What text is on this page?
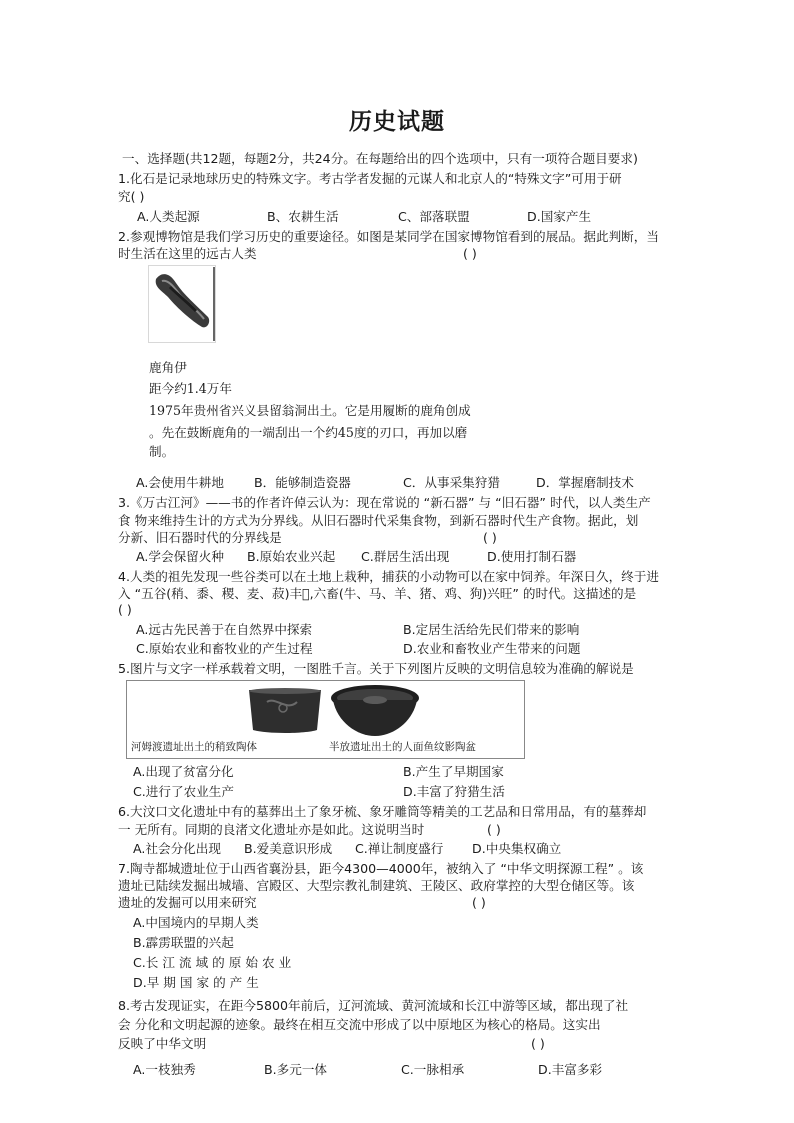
历史试题
一、选择题(共12题，每题2分，共24分。在每题给出的四个选项中，只有一项符合题目要求)
1.化石是记录地球历史的特殊文字。考古学者发掘的元谋人和北京人的“特殊文字”可用于研
究( )
A.人类起源	B、农耕生活	C、部落联盟	D.国家产生
2.参观博物馆是我们学习历史的重要途径。如图是某同学在国家博物馆看到的展品。据此判断，当
时生活在这里的远古人类	( )
鹿角伊
距今约1.4万年
1975年贵州省兴义县留翁洞出土。它是用履断的鹿角创成
。先在鼓断鹿角的一端刮出一个约45度的刃口，再加以磨
制。
A.会使用牛耕地 B．能够制造瓷器	C．从事采集狩猎	D．掌握磨制技术
3.《万古江河》——书的作者许倬云认为：现在常说的 “新石器” 与 “旧石器” 时代，以人类生产
食 物来维持生计的方式为分界线。从旧石器时代采集食物，到新石器时代生产食物。据此，划
分新、旧石器时代的分界线是	( )
A.学会保留火种 B.原始农业兴起 C.群居生活出现	D.使用打制石器
4.人类的祖先发现一些谷类可以在土地上栽种，捕获的小动物可以在家中饲养。年深日久，终于进
入 “五谷(稍、黍、稷、麦、菽)丰𥣃,六畜(牛、马、羊、猪、鸡、狗)兴旺” 的时代。这描述的是
( )
A.远古先民善于在自然界中探索	B.定居生活给先民们带来的影响
C.原始农业和畜牧业的产生过程	D.农业和畜牧业产生带来的问题
5.图片与文字一样承载着文明，一图胜千言。关于下列图片反映的文明信息较为准确的解说是
河姆渡遗址出土的稍致陶体	半放遗址出土的人面鱼纹影陶盆
A.出现了贫富分化	B.产生了早期国家
C.进行了农业生产	D.丰富了狩猎生活
6.大汶口文化遗址中有的墓葬出土了象牙梳、象牙雕筒等精美的工艺品和日常用品，有的墓葬却
一 无所有。同期的良渚文化遗址亦是如此。这说明当时	( )
A.社会分化出现 B.爱美意识形成 C.禅让制度盛行 D.中央集权确立
7.陶寺都城遗址位于山西省襄汾县，距今4300—4000年，被纳入了 “中华文明探源工程” 。该
遗址已陆续发掘出城墙、宫殿区、大型宗教礼制建筑、王陵区、政府掌控的大型仓储区等。该
遗址的发掘可以用来研究	( )
A.中国境内的早期人类
B.霹雳联盟的兴起
C.长 江 流 域 的 原 始 农 业
D.早 期 国 家 的 产 生
8.考古发现证实，在距今5800年前后，辽河流域、黄河流域和长江中游等区域，都出现了社
会 分化和文明起源的迹象。最终在相互交流中形成了以中原地区为核心的格局。这实出
反映了中华文明	( )
A.一枝独秀	B.多元一体	C.一脉相承	D.丰富多彩
